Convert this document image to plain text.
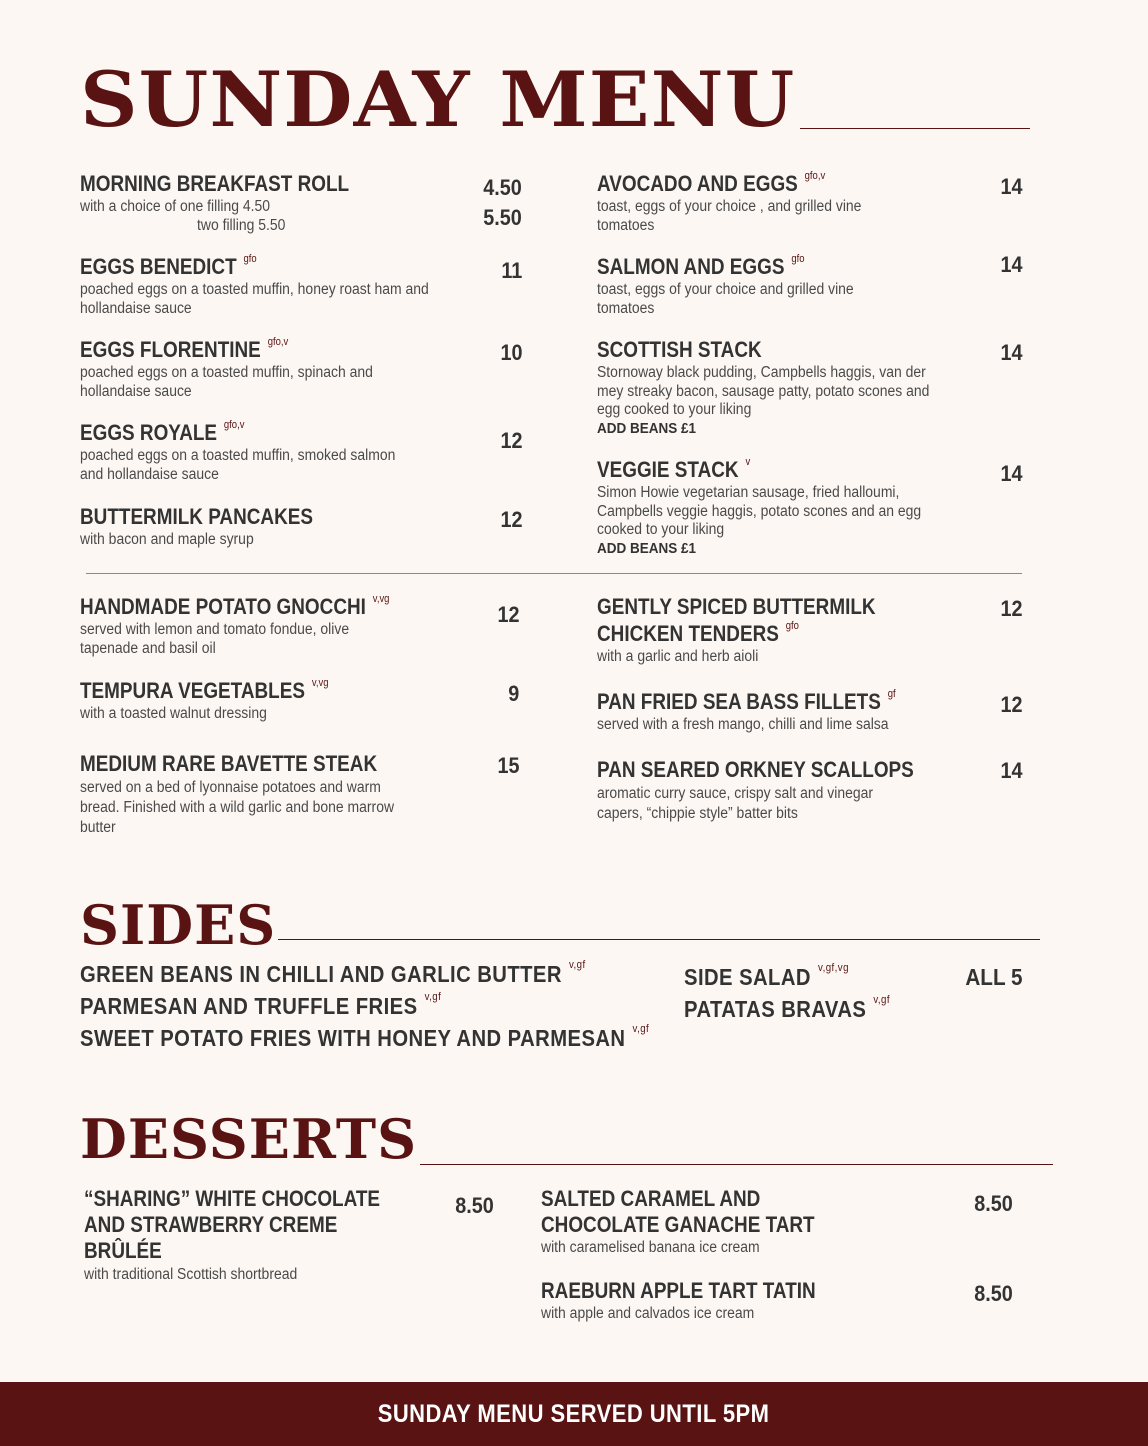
SUNDAY MENU
MORNING BREAKFAST ROLL
with a choice of one filling 4.50
two filling 5.50
4.50
5.50
EGGS BENEDICT $^{gfo}$
poached eggs on a toasted muffin, honey roast ham and hollandaise sauce
11
EGGS FLORENTINE $^{gfo,v}$
poached eggs on a toasted muffin, spinach and hollandaise sauce
10
EGGS ROYALE $^{gfo,v}$
poached eggs on a toasted muffin, smoked salmon and hollandaise sauce
12
BUTTERMILK PANCAKES
with bacon and maple syrup
12
AVOCADO AND EGGS $^{gfo,v}$
toast, eggs of your choice , and grilled vine tomatoes
14
SALMON AND EGGS $^{gfo}$
toast, eggs of your choice and grilled vine tomatoes
14
SCOTTISH STACK
Stornoway black pudding, Campbells haggis, van der mey streaky bacon, sausage patty, potato scones and egg cooked to your liking
ADD BEANS £1
14
VEGGIE STACK $^v$
Simon Howie vegetarian sausage, fried halloumi, Campbells veggie haggis, potato scones and an egg cooked to your liking
ADD BEANS £1
14
HANDMADE POTATO GNOCCHI $^{v,vg}$
served with lemon and tomato fondue, olive tapenade and basil oil
12
TEMPURA VEGETABLES $^{v,vg}$
with a toasted walnut dressing
9
MEDIUM RARE BAVETTE STEAK
served on a bed of lyonnaise potatoes and warm bread. Finished with a wild garlic and bone marrow butter
15
GENTLY SPICED BUTTERMILK
CHICKEN TENDERS $^{gfo}$
with a garlic and herb aioli
12
PAN FRIED SEA BASS FILLETS $^{gf}$
served with a fresh mango, chilli and lime salsa
12
PAN SEARED ORKNEY SCALLOPS
aromatic curry sauce, crispy salt and vinegar capers, “chippie style” batter bits
14
SIDES
GREEN BEANS IN CHILLI AND GARLIC BUTTER $^{v,gf}$
PARMESAN AND TRUFFLE FRIES $^{v,gf}$
SWEET POTATO FRIES WITH HONEY AND PARMESAN $^{v,gf}$
SIDE SALAD $^{v,gf,vg}$
PATATAS BRAVAS $^{v,gf}$
ALL 5
DESSERTS
“SHARING” WHITE CHOCOLATE
AND STRAWBERRY CREME
BRÛLÉE
with traditional Scottish shortbread
8.50 SALTED CARAMEL AND
CHOCOLATE GANACHE TART
with caramelised banana ice cream
8.50
RAEBURN APPLE TART TATIN
with apple and calvados ice cream
8.50
SUNDAY MENU SERVED UNTIL 5PM
